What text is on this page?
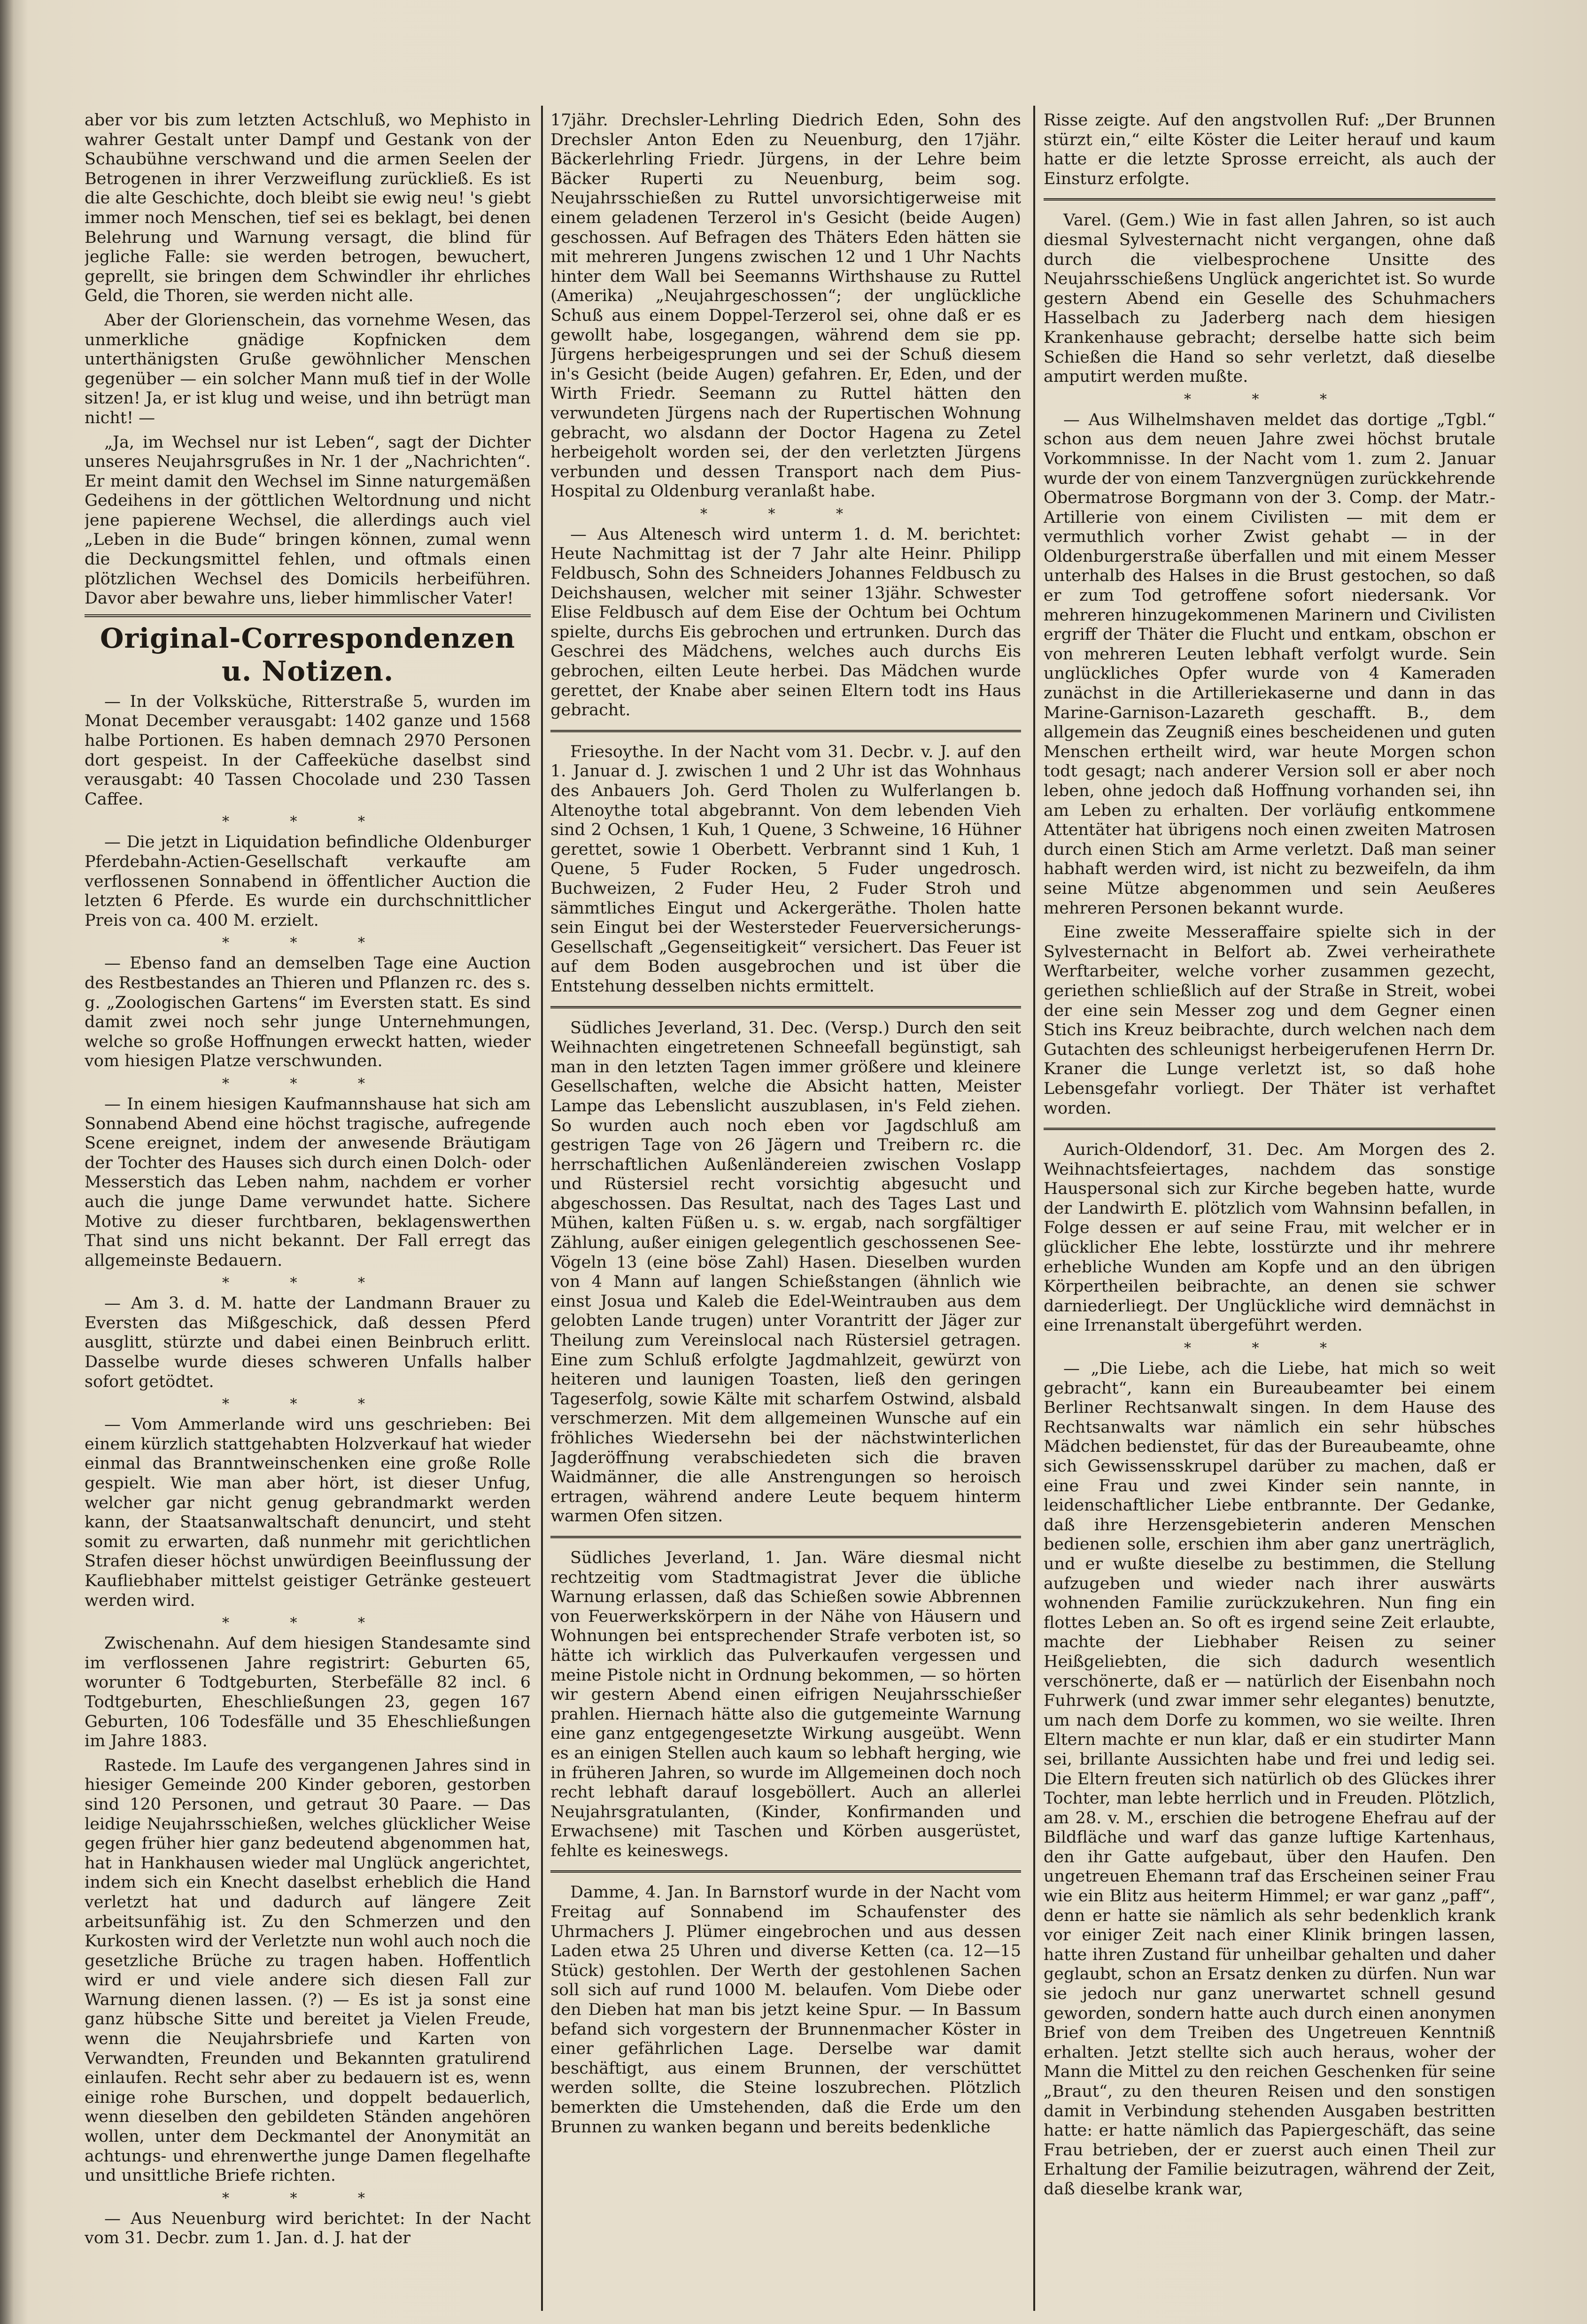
aber vor bis zum letzten Actschluß, wo Mephisto in wahrer Gestalt unter Dampf und Gestank von der Schaubühne verschwand und die armen Seelen der Betrogenen in ihrer Verzweiflung zurückließ. Es ist die alte Geschichte, doch bleibt sie ewig neu! 's giebt immer noch Menschen, tief sei es beklagt, bei denen Belehrung und Warnung versagt, die blind für jegliche Falle: sie werden betrogen, bewuchert, geprellt, sie bringen dem Schwindler ihr ehrliches Geld, die Thoren, sie werden nicht alle.

Aber der Glorienschein, das vornehme Wesen, das unmerkliche gnädige Kopfnicken dem unterthänigsten Gruße gewöhnlicher Menschen gegenüber — ein solcher Mann muß tief in der Wolle sitzen! Ja, er ist klug und weise, und ihn betrügt man nicht! —

„Ja, im Wechsel nur ist Leben“, sagt der Dichter unseres Neujahrsgrußes in Nr. 1 der „Nachrichten“. Er meint damit den Wechsel im Sinne naturgemäßen Gedeihens in der göttlichen Weltordnung und nicht jene papierene Wechsel, die allerdings auch viel „Leben in die Bude“ bringen können, zumal wenn die Deckungsmittel fehlen, und oftmals einen plötzlichen Wechsel des Domicils herbeiführen. Davor aber bewahre uns, lieber himmlischer Vater!

Original-Correspondenzen u. Notizen.

— In der Volksküche, Ritterstraße 5, wurden im Monat December verausgabt: 1402 ganze und 1568 halbe Portionen. Es haben demnach 2970 Personen dort gespeist. In der Caffeeküche daselbst sind verausgabt: 40 Tassen Chocolade und 230 Tassen Caffee.

* * *

— Die jetzt in Liquidation befindliche Oldenburger Pferdebahn-Actien-Gesellschaft verkaufte am verflossenen Sonnabend in öffentlicher Auction die letzten 6 Pferde. Es wurde ein durchschnittlicher Preis von ca. 400 M. erzielt.

* * *

— Ebenso fand an demselben Tage eine Auction des Restbestandes an Thieren und Pflanzen rc. des s. g. „Zoologischen Gartens“ im Eversten statt. Es sind damit zwei noch sehr junge Unternehmungen, welche so große Hoffnungen erweckt hatten, wieder vom hiesigen Platze verschwunden.

* * *

— In einem hiesigen Kaufmannshause hat sich am Sonnabend Abend eine höchst tragische, aufregende Scene ereignet, indem der anwesende Bräutigam der Tochter des Hauses sich durch einen Dolch- oder Messerstich das Leben nahm, nachdem er vorher auch die junge Dame verwundet hatte. Sichere Motive zu dieser furchtbaren, beklagenswerthen That sind uns nicht bekannt. Der Fall erregt das allgemeinste Bedauern.

* * *

— Am 3. d. M. hatte der Landmann Brauer zu Eversten das Mißgeschick, daß dessen Pferd ausglitt, stürzte und dabei einen Beinbruch erlitt. Dasselbe wurde dieses schweren Unfalls halber sofort getödtet.

* * *

— Vom Ammerlande wird uns geschrieben: Bei einem kürzlich stattgehabten Holzverkauf hat wieder einmal das Branntweinschenken eine große Rolle gespielt. Wie man aber hört, ist dieser Unfug, welcher gar nicht genug gebrandmarkt werden kann, der Staatsanwaltschaft denuncirt, und steht somit zu erwarten, daß nunmehr mit gerichtlichen Strafen dieser höchst unwürdigen Beeinflussung der Kaufliebhaber mittelst geistiger Getränke gesteuert werden wird.

* * *

Zwischenahn. Auf dem hiesigen Standesamte sind im verflossenen Jahre registrirt: Geburten 65, worunter 6 Todtgeburten, Sterbefälle 82 incl. 6 Todtgeburten, Eheschließungen 23, gegen 167 Geburten, 106 Todesfälle und 35 Eheschließungen im Jahre 1883.

Rastede. Im Laufe des vergangenen Jahres sind in hiesiger Gemeinde 200 Kinder geboren, gestorben sind 120 Personen, und getraut 30 Paare. — Das leidige Neujahrsschießen, welches glücklicher Weise gegen früher hier ganz bedeutend abgenommen hat, hat in Hankhausen wieder mal Unglück angerichtet, indem sich ein Knecht daselbst erheblich die Hand verletzt hat und dadurch auf längere Zeit arbeitsunfähig ist. Zu den Schmerzen und den Kurkosten wird der Verletzte nun wohl auch noch die gesetzliche Brüche zu tragen haben. Hoffentlich wird er und viele andere sich diesen Fall zur Warnung dienen lassen. (?) — Es ist ja sonst eine ganz hübsche Sitte und bereitet ja Vielen Freude, wenn die Neujahrsbriefe und Karten von Verwandten, Freunden und Bekannten gratulirend einlaufen. Recht sehr aber zu bedauern ist es, wenn einige rohe Burschen, und doppelt bedauerlich, wenn dieselben den gebildeten Ständen angehören wollen, unter dem Deckmantel der Anonymität an achtungs- und ehrenwerthe junge Damen flegelhafte und unsittliche Briefe richten.

* * *

— Aus Neuenburg wird berichtet: In der Nacht vom 31. Decbr. zum 1. Jan. d. J. hat der

17jähr. Drechsler-Lehrling Diedrich Eden, Sohn des Drechsler Anton Eden zu Neuenburg, den 17jähr. Bäckerlehrling Friedr. Jürgens, in der Lehre beim Bäcker Ruperti zu Neuenburg, beim sog. Neujahrsschießen zu Ruttel unvorsichtigerweise mit einem geladenen Terzerol in's Gesicht (beide Augen) geschossen. Auf Befragen des Thäters Eden hätten sie mit mehreren Jungens zwischen 12 und 1 Uhr Nachts hinter dem Wall bei Seemanns Wirthshause zu Ruttel (Amerika) „Neujahrgeschossen“; der unglückliche Schuß aus einem Doppel-Terzerol sei, ohne daß er es gewollt habe, losgegangen, während dem sie pp. Jürgens herbeigesprungen und sei der Schuß diesem in's Gesicht (beide Augen) gefahren. Er, Eden, und der Wirth Friedr. Seemann zu Ruttel hätten den verwundeten Jürgens nach der Rupertischen Wohnung gebracht, wo alsdann der Doctor Hagena zu Zetel herbeigeholt worden sei, der den verletzten Jürgens verbunden und dessen Transport nach dem Pius-Hospital zu Oldenburg veranlaßt habe.

* * *

— Aus Altenesch wird unterm 1. d. M. berichtet: Heute Nachmittag ist der 7 Jahr alte Heinr. Philipp Feldbusch, Sohn des Schneiders Johannes Feldbusch zu Deichshausen, welcher mit seiner 13jähr. Schwester Elise Feldbusch auf dem Eise der Ochtum bei Ochtum spielte, durchs Eis gebrochen und ertrunken. Durch das Geschrei des Mädchens, welches auch durchs Eis gebrochen, eilten Leute herbei. Das Mädchen wurde gerettet, der Knabe aber seinen Eltern todt ins Haus gebracht.

Friesoythe. In der Nacht vom 31. Decbr. v. J. auf den 1. Januar d. J. zwischen 1 und 2 Uhr ist das Wohnhaus des Anbauers Joh. Gerd Tholen zu Wulferlangen b. Altenoythe total abgebrannt. Von dem lebenden Vieh sind 2 Ochsen, 1 Kuh, 1 Quene, 3 Schweine, 16 Hühner gerettet, sowie 1 Oberbett. Verbrannt sind 1 Kuh, 1 Quene, 5 Fuder Rocken, 5 Fuder ungedrosch. Buchweizen, 2 Fuder Heu, 2 Fuder Stroh und sämmtliches Eingut und Ackergeräthe. Tholen hatte sein Eingut bei der Westersteder Feuerversicherungs-Gesellschaft „Gegenseitigkeit“ versichert. Das Feuer ist auf dem Boden ausgebrochen und ist über die Entstehung desselben nichts ermittelt.

Südliches Jeverland, 31. Dec. (Versp.) Durch den seit Weihnachten eingetretenen Schneefall begünstigt, sah man in den letzten Tagen immer größere und kleinere Gesellschaften, welche die Absicht hatten, Meister Lampe das Lebenslicht auszublasen, in's Feld ziehen. So wurden auch noch eben vor Jagdschluß am gestrigen Tage von 26 Jägern und Treibern rc. die herrschaftlichen Außenländereien zwischen Voslapp und Rüstersiel recht vorsichtig abgesucht und abgeschossen. Das Resultat, nach des Tages Last und Mühen, kalten Füßen u. s. w. ergab, nach sorgfältiger Zählung, außer einigen gelegentlich geschossenen See-Vögeln 13 (eine böse Zahl) Hasen. Dieselben wurden von 4 Mann auf langen Schießstangen (ähnlich wie einst Josua und Kaleb die Edel-Weintrauben aus dem gelobten Lande trugen) unter Vorantritt der Jäger zur Theilung zum Vereinslocal nach Rüstersiel getragen. Eine zum Schluß erfolgte Jagdmahlzeit, gewürzt von heiteren und launigen Toasten, ließ den geringen Tageserfolg, sowie Kälte mit scharfem Ostwind, alsbald verschmerzen. Mit dem allgemeinen Wunsche auf ein fröhliches Wiedersehn bei der nächstwinterlichen Jagderöffnung verabschiedeten sich die braven Waidmänner, die alle Anstrengungen so heroisch ertragen, während andere Leute bequem hinterm warmen Ofen sitzen.

Südliches Jeverland, 1. Jan. Wäre diesmal nicht rechtzeitig vom Stadtmagistrat Jever die übliche Warnung erlassen, daß das Schießen sowie Abbrennen von Feuerwerkskörpern in der Nähe von Häusern und Wohnungen bei entsprechender Strafe verboten ist, so hätte ich wirklich das Pulverkaufen vergessen und meine Pistole nicht in Ordnung bekommen, — so hörten wir gestern Abend einen eifrigen Neujahrsschießer prahlen. Hiernach hätte also die gutgemeinte Warnung eine ganz entgegengesetzte Wirkung ausgeübt. Wenn es an einigen Stellen auch kaum so lebhaft herging, wie in früheren Jahren, so wurde im Allgemeinen doch noch recht lebhaft darauf losgeböllert. Auch an allerlei Neujahrsgratulanten, (Kinder, Konfirmanden und Erwachsene) mit Taschen und Körben ausgerüstet, fehlte es keineswegs.

Damme, 4. Jan. In Barnstorf wurde in der Nacht vom Freitag auf Sonnabend im Schaufenster des Uhrmachers J. Plümer eingebrochen und aus dessen Laden etwa 25 Uhren und diverse Ketten (ca. 12—15 Stück) gestohlen. Der Werth der gestohlenen Sachen soll sich auf rund 1000 M. belaufen. Vom Diebe oder den Dieben hat man bis jetzt keine Spur. — In Bassum befand sich vorgestern der Brunnenmacher Köster in einer gefährlichen Lage. Derselbe war damit beschäftigt, aus einem Brunnen, der verschüttet werden sollte, die Steine loszubrechen. Plötzlich bemerkten die Umstehenden, daß die Erde um den Brunnen zu wanken begann und bereits bedenkliche

Risse zeigte. Auf den angstvollen Ruf: „Der Brunnen stürzt ein,“ eilte Köster die Leiter herauf und kaum hatte er die letzte Sprosse erreicht, als auch der Einsturz erfolgte.

Varel. (Gem.) Wie in fast allen Jahren, so ist auch diesmal Sylvesternacht nicht vergangen, ohne daß durch die vielbesprochene Unsitte des Neujahrsschießens Unglück angerichtet ist. So wurde gestern Abend ein Geselle des Schuhmachers Hasselbach zu Jaderberg nach dem hiesigen Krankenhause gebracht; derselbe hatte sich beim Schießen die Hand so sehr verletzt, daß dieselbe amputirt werden mußte.

* * *

— Aus Wilhelmshaven meldet das dortige „Tgbl.“ schon aus dem neuen Jahre zwei höchst brutale Vorkommnisse. In der Nacht vom 1. zum 2. Januar wurde der von einem Tanzvergnügen zurückkehrende Obermatrose Borgmann von der 3. Comp. der Matr.-Artillerie von einem Civilisten — mit dem er vermuthlich vorher Zwist gehabt — in der Oldenburgerstraße überfallen und mit einem Messer unterhalb des Halses in die Brust gestochen, so daß er zum Tod getroffene sofort niedersank. Vor mehreren hinzugekommenen Marinern und Civilisten ergriff der Thäter die Flucht und entkam, obschon er von mehreren Leuten lebhaft verfolgt wurde. Sein unglückliches Opfer wurde von 4 Kameraden zunächst in die Artilleriekaserne und dann in das Marine-Garnison-Lazareth geschafft. B., dem allgemein das Zeugniß eines bescheidenen und guten Menschen ertheilt wird, war heute Morgen schon todt gesagt; nach anderer Version soll er aber noch leben, ohne jedoch daß Hoffnung vorhanden sei, ihn am Leben zu erhalten. Der vorläufig entkommene Attentäter hat übrigens noch einen zweiten Matrosen durch einen Stich am Arme verletzt. Daß man seiner habhaft werden wird, ist nicht zu bezweifeln, da ihm seine Mütze abgenommen und sein Aeußeres mehreren Personen bekannt wurde.

Eine zweite Messeraffaire spielte sich in der Sylvesternacht in Belfort ab. Zwei verheirathete Werftarbeiter, welche vorher zusammen gezecht, geriethen schließlich auf der Straße in Streit, wobei der eine sein Messer zog und dem Gegner einen Stich ins Kreuz beibrachte, durch welchen nach dem Gutachten des schleunigst herbeigerufenen Herrn Dr. Kraner die Lunge verletzt ist, so daß hohe Lebensgefahr vorliegt. Der Thäter ist verhaftet worden.

Aurich-Oldendorf, 31. Dec. Am Morgen des 2. Weihnachtsfeiertages, nachdem das sonstige Hauspersonal sich zur Kirche begeben hatte, wurde der Landwirth E. plötzlich vom Wahnsinn befallen, in Folge dessen er auf seine Frau, mit welcher er in glücklicher Ehe lebte, losstürzte und ihr mehrere erhebliche Wunden am Kopfe und an den übrigen Körpertheilen beibrachte, an denen sie schwer darniederliegt. Der Unglückliche wird demnächst in eine Irrenanstalt übergeführt werden.

* * *

— „Die Liebe, ach die Liebe, hat mich so weit gebracht“, kann ein Bureaubeamter bei einem Berliner Rechtsanwalt singen. In dem Hause des Rechtsanwalts war nämlich ein sehr hübsches Mädchen bedienstet, für das der Bureaubeamte, ohne sich Gewissensskrupel darüber zu machen, daß er eine Frau und zwei Kinder sein nannte, in leidenschaftlicher Liebe entbrannte. Der Gedanke, daß ihre Herzensgebieterin anderen Menschen bedienen solle, erschien ihm aber ganz unerträglich, und er wußte dieselbe zu bestimmen, die Stellung aufzugeben und wieder nach ihrer auswärts wohnenden Familie zurückzukehren. Nun fing ein flottes Leben an. So oft es irgend seine Zeit erlaubte, machte der Liebhaber Reisen zu seiner Heißgeliebten, die sich dadurch wesentlich verschönerte, daß er — natürlich der Eisenbahn noch Fuhrwerk (und zwar immer sehr elegantes) benutzte, um nach dem Dorfe zu kommen, wo sie weilte. Ihren Eltern machte er nun klar, daß er ein studirter Mann sei, brillante Aussichten habe und frei und ledig sei. Die Eltern freuten sich natürlich ob des Glückes ihrer Tochter, man lebte herrlich und in Freuden. Plötzlich, am 28. v. M., erschien die betrogene Ehefrau auf der Bildfläche und warf das ganze luftige Kartenhaus, den ihr Gatte aufgebaut, über den Haufen. Den ungetreuen Ehemann traf das Erscheinen seiner Frau wie ein Blitz aus heiterm Himmel; er war ganz „paff“, denn er hatte sie nämlich als sehr bedenklich krank vor einiger Zeit nach einer Klinik bringen lassen, hatte ihren Zustand für unheilbar gehalten und daher geglaubt, schon an Ersatz denken zu dürfen. Nun war sie jedoch nur ganz unerwartet schnell gesund geworden, sondern hatte auch durch einen anonymen Brief von dem Treiben des Ungetreuen Kenntniß erhalten. Jetzt stellte sich auch heraus, woher der Mann die Mittel zu den reichen Geschenken für seine „Braut“, zu den theuren Reisen und den sonstigen damit in Verbindung stehenden Ausgaben bestritten hatte: er hatte nämlich das Papiergeschäft, das seine Frau betrieben, der er zuerst auch einen Theil zur Erhaltung der Familie beizutragen, während der Zeit, daß dieselbe krank war,
